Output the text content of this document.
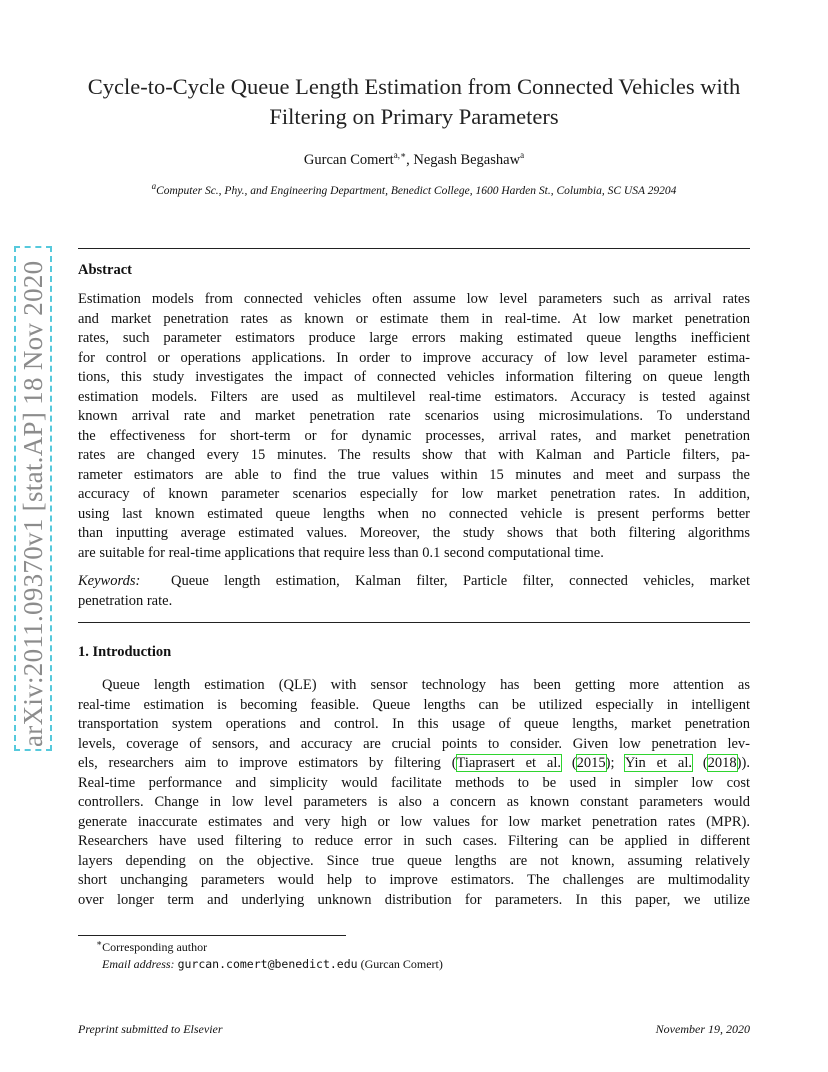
arXiv:2011.09370v1 [stat.AP] 18 Nov 2020
Cycle-to-Cycle Queue Length Estimation from Connected Vehicles with
Filtering on Primary Parameters
Gurcan Comert$^{a,∗}$, Negash Begashaw$^a$
$^a$Computer Sc., Phy., and Engineering Department, Benedict College, 1600 Harden St., Columbia, SC USA 29204
Abstract
Estimation models from connected vehicles often assume low level parameters such as arrival rates
and market penetration rates as known or estimate them in real-time. At low market penetration
rates, such parameter estimators produce large errors making estimated queue lengths inefficient
for control or operations applications. In order to improve accuracy of low level parameter estima-
tions, this study investigates the impact of connected vehicles information filtering on queue length
estimation models. Filters are used as multilevel real-time estimators. Accuracy is tested against
known arrival rate and market penetration rate scenarios using microsimulations. To understand
the effectiveness for short-term or for dynamic processes, arrival rates, and market penetration
rates are changed every 15 minutes. The results show that with Kalman and Particle filters, pa-
rameter estimators are able to find the true values within 15 minutes and meet and surpass the
accuracy of known parameter scenarios especially for low market penetration rates. In addition,
using last known estimated queue lengths when no connected vehicle is present performs better
than inputting average estimated values. Moreover, the study shows that both filtering algorithms
are suitable for real-time applications that require less than 0.1 second computational time.
Keywords: Queue length estimation, Kalman filter, Particle filter, connected vehicles, market
penetration rate.
1. Introduction
Queue length estimation (QLE) with sensor technology has been getting more attention as
real-time estimation is becoming feasible. Queue lengths can be utilized especially in intelligent
transportation system operations and control. In this usage of queue lengths, market penetration
levels, coverage of sensors, and accuracy are crucial points to consider. Given low penetration lev-
els, researchers aim to improve estimators by filtering (Tiaprasert et al. (2015); Yin et al. (2018)).
Real-time performance and simplicity would facilitate methods to be used in simpler low cost
controllers. Change in low level parameters is also a concern as known constant parameters would
generate inaccurate estimates and very high or low values for low market penetration rates (MPR).
Researchers have used filtering to reduce error in such cases. Filtering can be applied in different
layers depending on the objective. Since true queue lengths are not known, assuming relatively
short unchanging parameters would help to improve estimators. The challenges are multimodality
over longer term and underlying unknown distribution for parameters. In this paper, we utilize
∗Corresponding author
Email address: gurcan.comert@benedict.edu (Gurcan Comert)
Preprint submitted to Elsevier	November 19, 2020
